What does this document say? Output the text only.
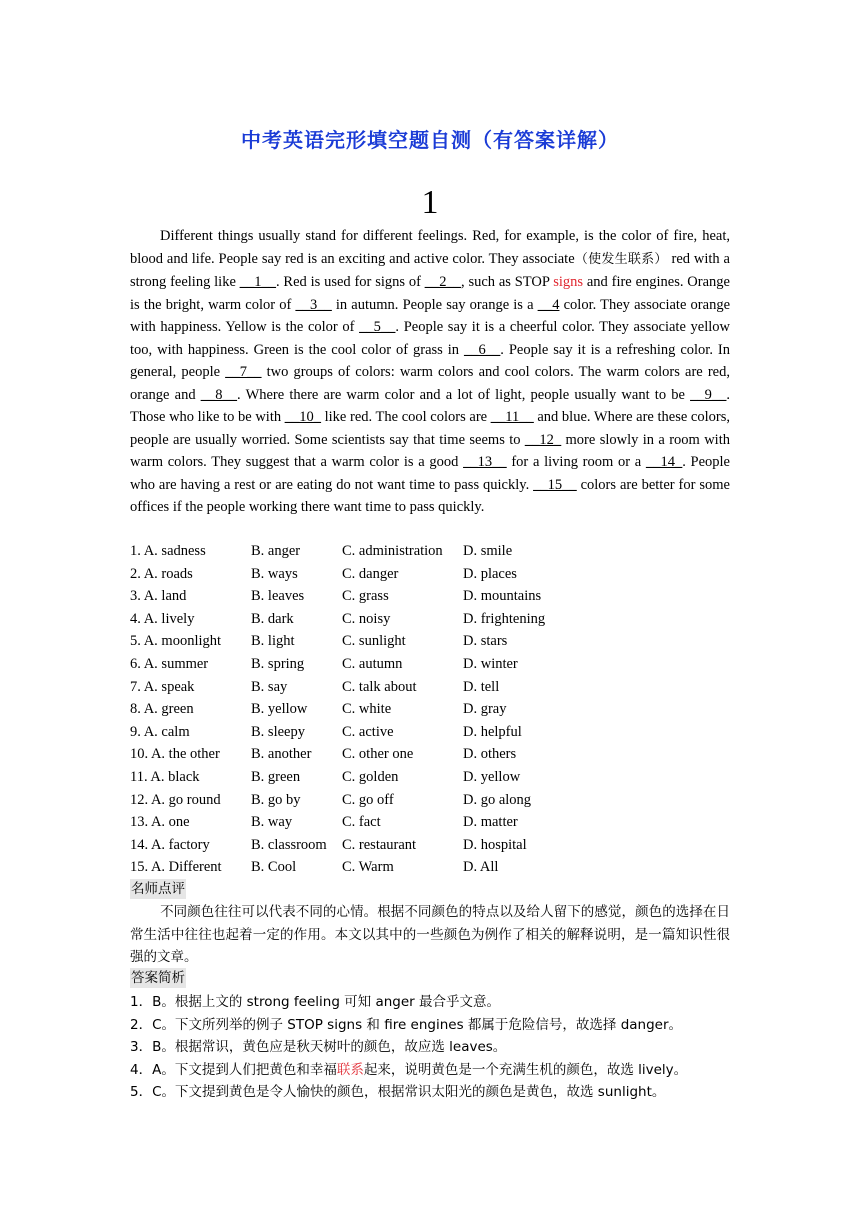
中考英语完形填空题自测（有答案详解）
1
Different things usually stand for different feelings. Red, for example, is the color of fire, heat, blood and life. People say red is an exciting and active color. They associate（使发生联系） red with a strong feeling like __1__. Red is used for signs of __2__, such as STOP signs and fire engines. Orange is the bright, warm color of __3__ in autumn. People say orange is a __4 color. They associate orange with happiness. Yellow is the color of __5__. People say it is a cheerful color. They associate yellow too, with happiness. Green is the cool color of grass in __6__. People say it is a refreshing color. In general, people __7__ two groups of colors: warm colors and cool colors. The warm colors are red, orange and __8__. Where there are warm color and a lot of light, people usually want to be __9__. Those who like to be with __10_ like red. The cool colors are __11__ and blue. Where are these colors, people are usually worried. Some scientists say that time seems to __12_ more slowly in a room with warm colors. They suggest that a warm color is a good __13__ for a living room or a __14_. People who are having a rest or are eating do not want time to pass quickly. __15__ colors are better for some offices if the people working there want time to pass quickly.
1. A. sadness	B. anger	C. administration D. smile
2. A. roads	B. ways	C. danger	D. places
3. A. land	B. leaves	C. grass	D. mountains
4. A. lively	B. dark	C. noisy	D. frightening
5. A. moonlight B. light	C. sunlight	D. stars
6. A. summer	B. spring	C. autumn	D. winter
7. A. speak	B. say	C. talk about	D. tell
8. A. green	B. yellow C. white	D. gray
9. A. calm	B. sleepy	C. active	D. helpful
10. A. the other B. another C. other one	D. others
11. A. black	B. green	C. golden	D. yellow
12. A. go round B. go by	C. go off	D. go along
13. A. one	B. way	C. fact	D. matter
14. A. factory	B. classroom C. restaurant	D. hospital
15. A. Different B. Cool	C. Warm	D. All
名师点评
不同颜色往往可以代表不同的心情。根据不同颜色的特点以及给人留下的感觉，颜色的选择在日常生活中往往也起着一定的作用。本文以其中的一些颜色为例作了相关的解释说明，是一篇知识性很强的文章。
答案简析
1．B。根据上文的 strong feeling 可知 anger 最合乎文意。
2．C。下文所列举的例子 STOP signs 和 fire engines 都属于危险信号，故选择 danger。
3．B。根据常识，黄色应是秋天树叶的颜色，故应选 leaves。
4．A。下文提到人们把黄色和幸福联系起来，说明黄色是一个充满生机的颜色，故选 lively。
5．C。下文提到黄色是令人愉快的颜色，根据常识太阳光的颜色是黄色，故选 sunlight。
